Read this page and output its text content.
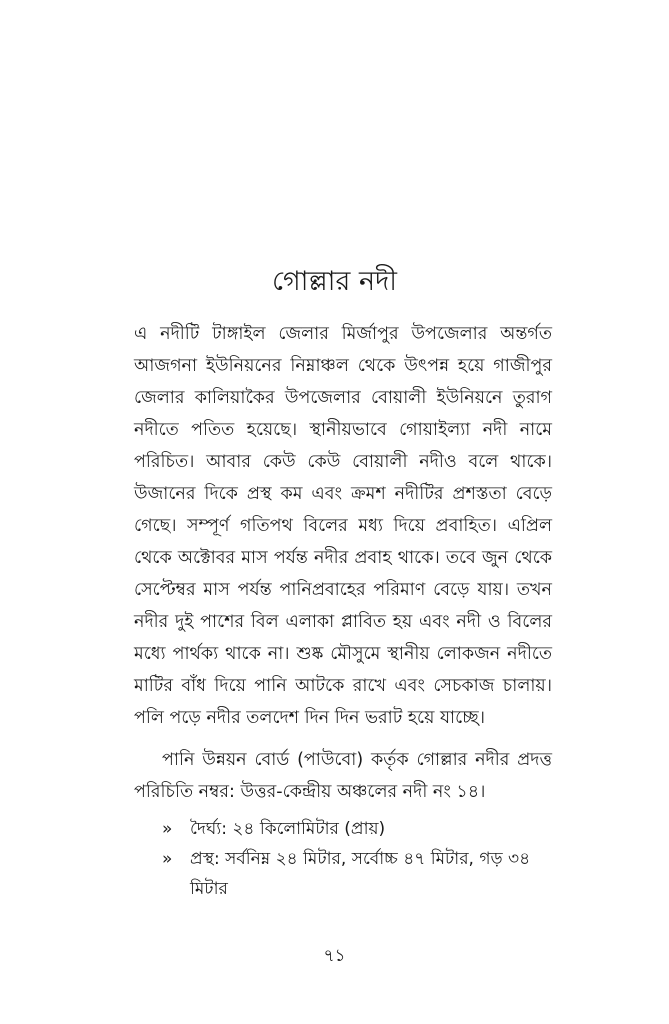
গোল্লার নদী

এ নদীটি টাঙ্গাইল জেলার মির্জাপুর উপজেলার অন্তর্গত আজগনা ইউনিয়নের নিম্নাঞ্চল থেকে উৎপন্ন হয়ে গাজীপুর জেলার কালিয়াকৈর উপজেলার বোয়ালী ইউনিয়নে তুরাগ নদীতে পতিত হয়েছে। স্থানীয়ভাবে গোয়াইল্যা নদী নামে পরিচিত। আবার কেউ কেউ বোয়ালী নদীও বলে থাকে। উজানের দিকে প্রস্থ কম এবং ক্রমশ নদীটির প্রশস্ততা বেড়ে গেছে। সম্পূর্ণ গতিপথ বিলের মধ্য দিয়ে প্রবাহিত। এপ্রিল থেকে অক্টোবর মাস পর্যন্ত নদীর প্রবাহ থাকে। তবে জুন থেকে সেপ্টেম্বর মাস পর্যন্ত পানিপ্রবাহের পরিমাণ বেড়ে যায়। তখন নদীর দুই পাশের বিল এলাকা প্লাবিত হয় এবং নদী ও বিলের মধ্যে পার্থক্য থাকে না। শুষ্ক মৌসুমে স্থানীয় লোকজন নদীতে মাটির বাঁধ দিয়ে পানি আটকে রাখে এবং সেচকাজ চালায়। পলি পড়ে নদীর তলদেশ দিন দিন ভরাট হয়ে যাচ্ছে।

পানি উন্নয়ন বোর্ড (পাউবো) কর্তৃক গোল্লার নদীর প্রদত্ত পরিচিতি নম্বর: উত্তর-কেন্দ্রীয় অঞ্চলের নদী নং ১৪।
» দৈর্ঘ্য: ২৪ কিলোমিটার (প্রায়)
» প্রস্থ: সর্বনিম্ন ২৪ মিটার, সর্বোচ্চ ৪৭ মিটার, গড় ৩৪ মিটার
৭১
